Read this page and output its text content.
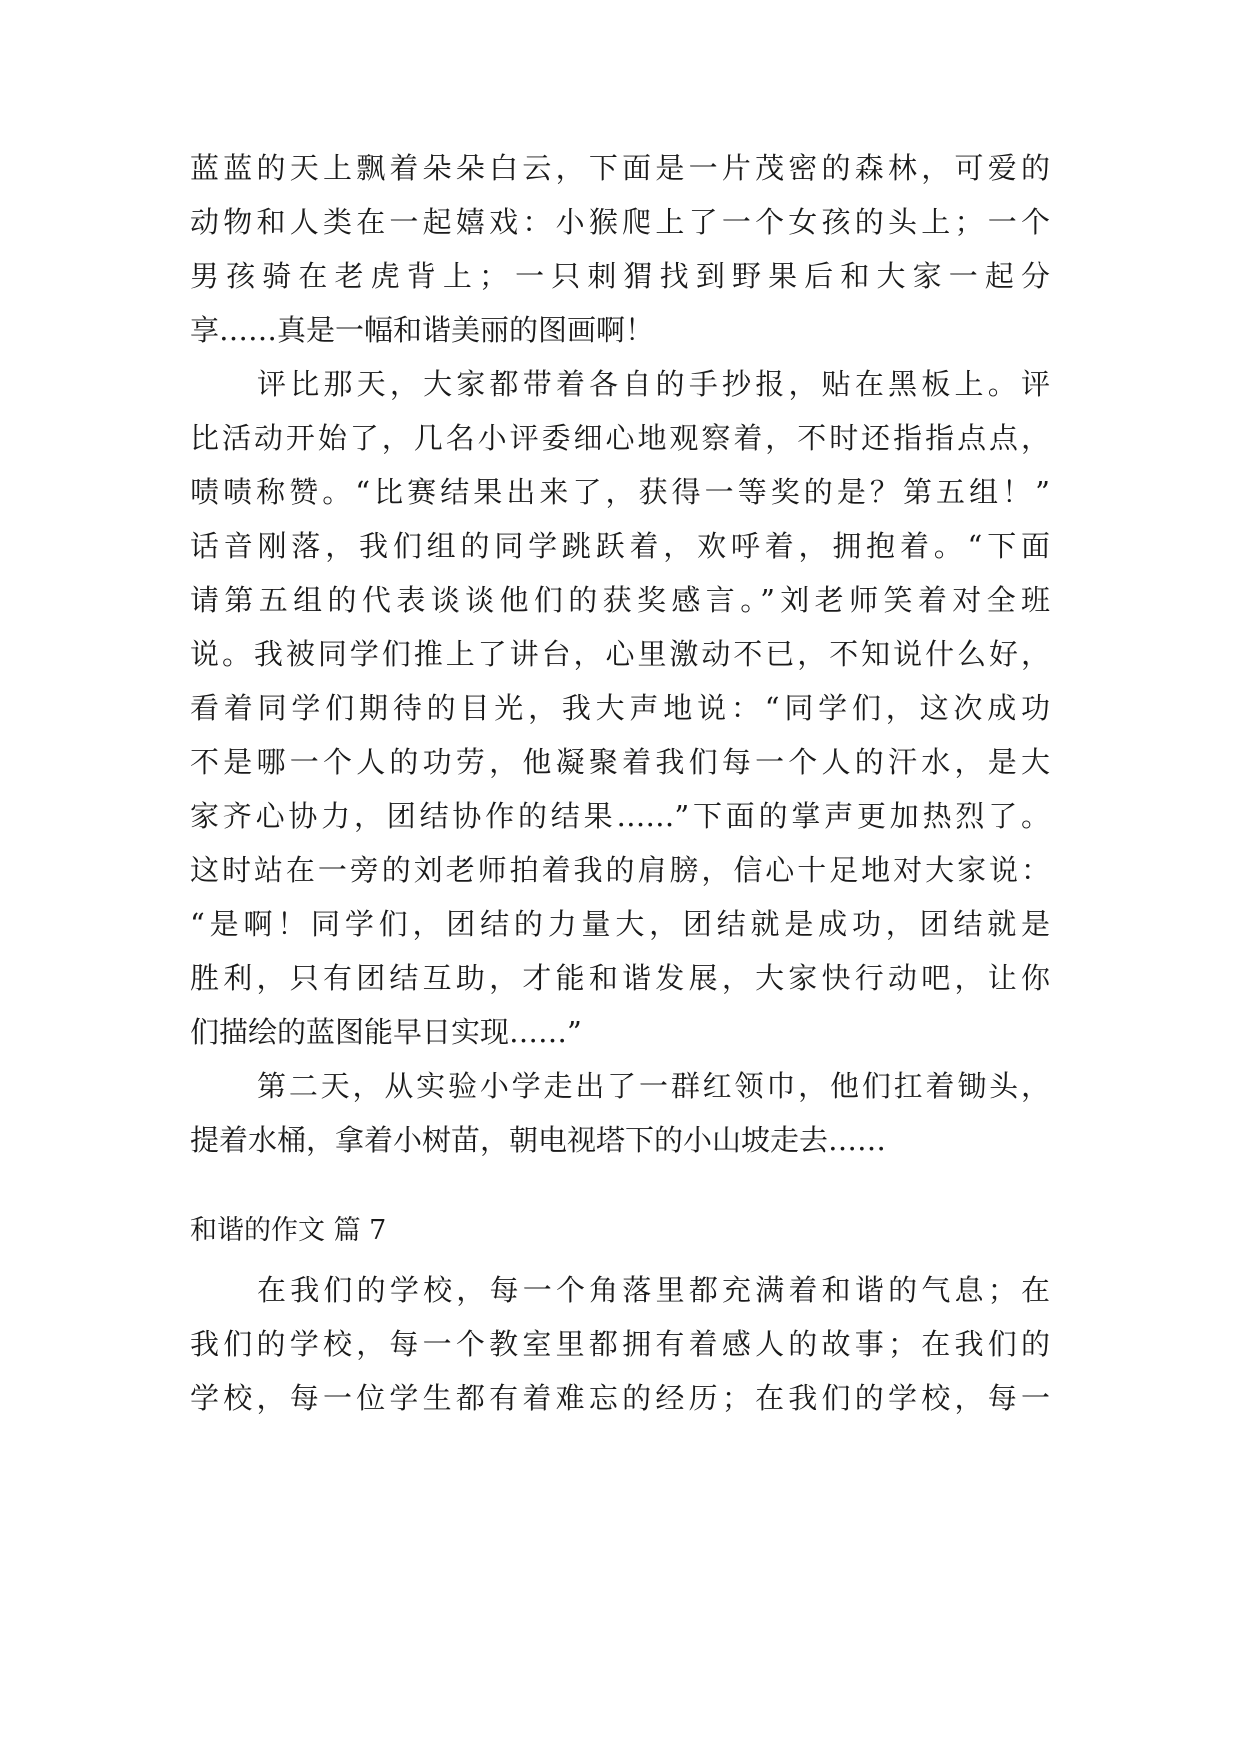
蓝蓝的天上飘着朵朵白云，下面是一片茂密的森林，可爱的
动物和人类在一起嬉戏：小猴爬上了一个女孩的头上；一个
男孩骑在老虎背上；一只刺猬找到野果后和大家一起分
享……真是一幅和谐美丽的图画啊！
评比那天，大家都带着各自的手抄报，贴在黑板上。评
比活动开始了，几名小评委细心地观察着，不时还指指点点，
啧啧称赞。“比赛结果出来了，获得一等奖的是？第五组！”
话音刚落，我们组的同学跳跃着，欢呼着，拥抱着。“下面
请第五组的代表谈谈他们的获奖感言。”刘老师笑着对全班
说。我被同学们推上了讲台，心里激动不已，不知说什么好，
看着同学们期待的目光，我大声地说：“同学们，这次成功
不是哪一个人的功劳，他凝聚着我们每一个人的汗水，是大
家齐心协力，团结协作的结果……”下面的掌声更加热烈了。
这时站在一旁的刘老师拍着我的肩膀，信心十足地对大家说：
“是啊！同学们，团结的力量大，团结就是成功，团结就是
胜利，只有团结互助，才能和谐发展，大家快行动吧，让你
们描绘的蓝图能早日实现……”
第二天，从实验小学走出了一群红领巾，他们扛着锄头，
提着水桶，拿着小树苗，朝电视塔下的小山坡走去……
和谐的作文 篇 7
在我们的学校，每一个角落里都充满着和谐的气息；在
我们的学校，每一个教室里都拥有着感人的故事；在我们的
学校，每一位学生都有着难忘的经历；在我们的学校，每一
